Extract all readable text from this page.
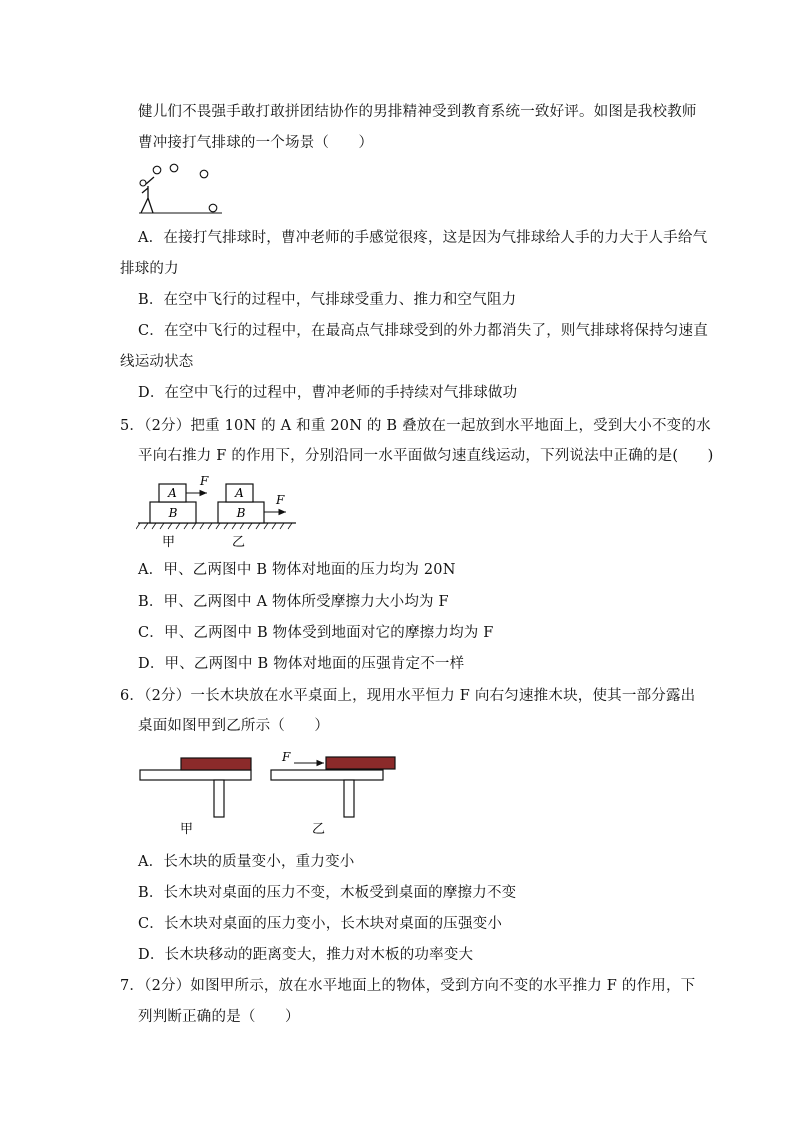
健儿们不畏强手敢打敢拼团结协作的男排精神受到教育系统一致好评。如图是我校教师
曹冲接打气排球的一个场景（　　）
A．在接打气排球时，曹冲老师的手感觉很疼，这是因为气排球给人手的力大于人手给气
排球的力
B．在空中飞行的过程中，气排球受重力、推力和空气阻力
C．在空中飞行的过程中，在最高点气排球受到的外力都消失了，则气排球将保持匀速直
线运动状态
D．在空中飞行的过程中，曹冲老师的手持续对气排球做功
5．（2分）把重 10N 的 A 和重 20N 的 B 叠放在一起放到水平地面上，受到大小不变的水
平向右推力 F 的作用下，分别沿同一水平面做匀速直线运动，下列说法中正确的是(　　)
A
B
F
A
B
F
甲	乙
A．甲、乙两图中 B 物体对地面的压力均为 20N
B．甲、乙两图中 A 物体所受摩擦力大小均为 F
C．甲、乙两图中 B 物体受到地面对它的摩擦力均为 F
D．甲、乙两图中 B 物体对地面的压强肯定不一样
6．（2分）一长木块放在水平桌面上，现用水平恒力 F 向右匀速推木块，使其一部分露出
桌面如图甲到乙所示（　　）
F
甲	乙
A．长木块的质量变小，重力变小
B．长木块对桌面的压力不变，木板受到桌面的摩擦力不变
C．长木块对桌面的压力变小，长木块对桌面的压强变小
D．长木块移动的距离变大，推力对木板的功率变大
7．（2分）如图甲所示，放在水平地面上的物体，受到方向不变的水平推力 F 的作用，下
列判断正确的是（　　）
